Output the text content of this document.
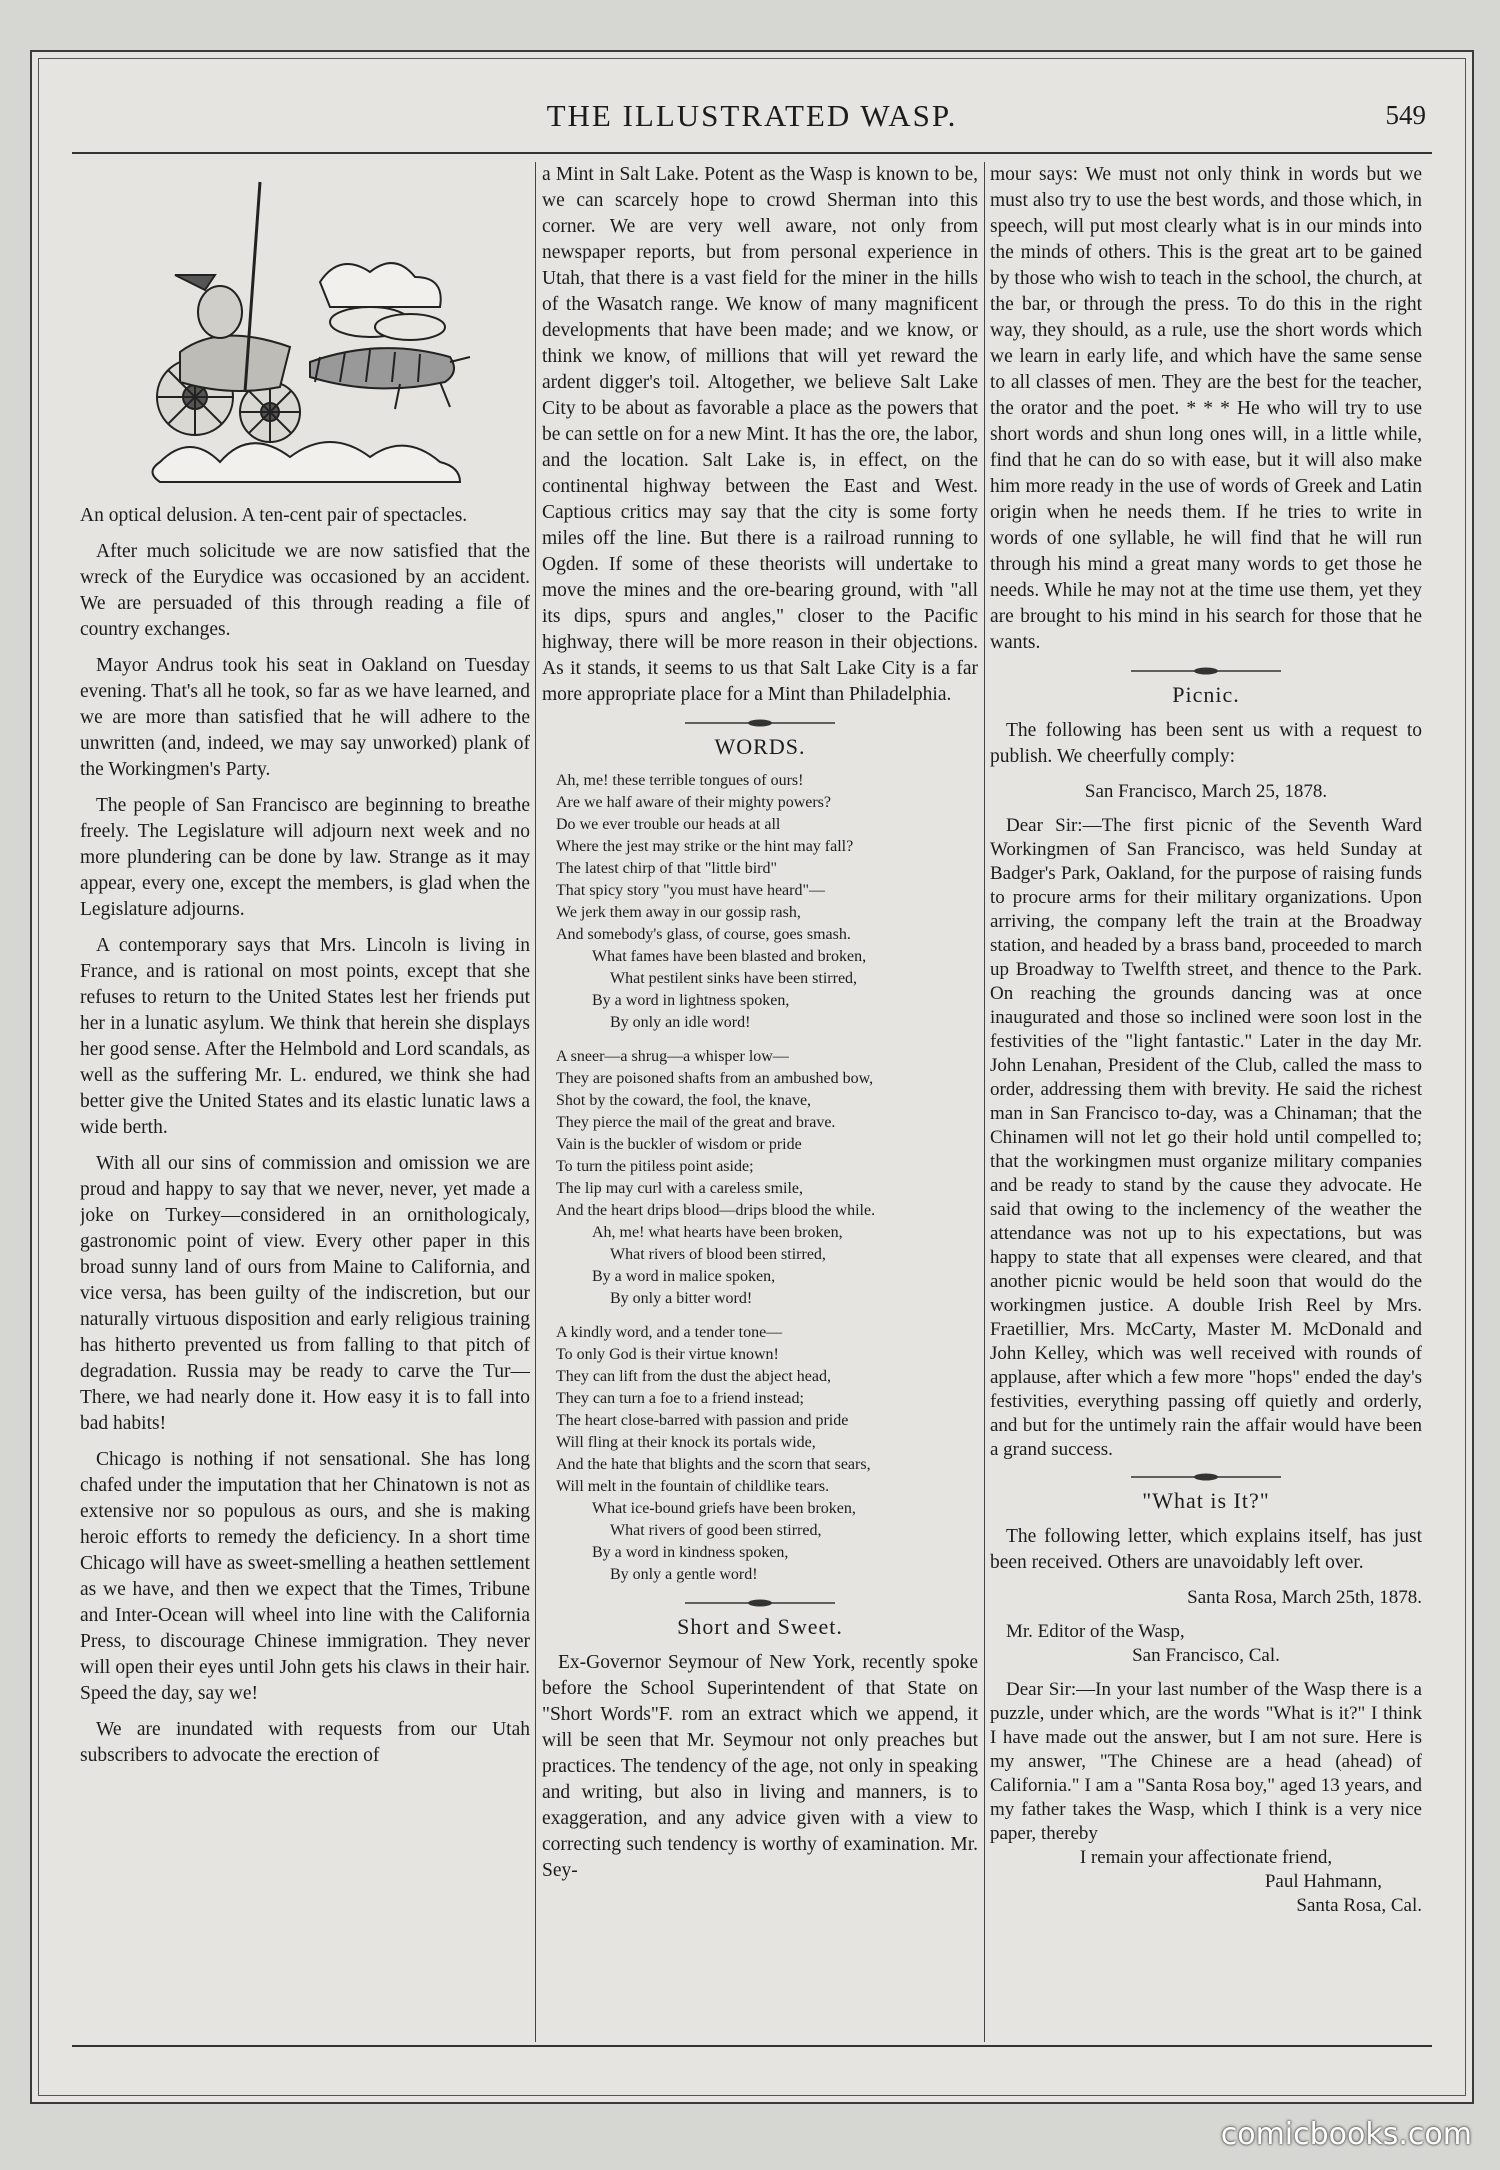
THE ILLUSTRATED WASP.	549

An optical delusion. A ten-cent pair of spectacles.

After much solicitude we are now satisfied that the wreck of the Eurydice was occasioned by an accident. We are persuaded of this through reading a file of country exchanges.

Mayor Andrus took his seat in Oakland on Tuesday evening. That's all he took, so far as we have learned, and we are more than satisfied that he will adhere to the unwritten (and, indeed, we may say unworked) plank of the Workingmen's Party.

The people of San Francisco are beginning to breathe freely. The Legislature will adjourn next week and no more plundering can be done by law. Strange as it may appear, every one, except the members, is glad when the Legislature adjourns.

A contemporary says that Mrs. Lincoln is living in France, and is rational on most points, except that she refuses to return to the United States lest her friends put her in a lunatic asylum. We think that herein she displays her good sense. After the Helmbold and Lord scandals, as well as the suffering Mr. L. endured, we think she had better give the United States and its elastic lunatic laws a wide berth.

With all our sins of commission and omission we are proud and happy to say that we never, never, yet made a joke on Turkey—considered in an ornithologicaly, gastronomic point of view. Every other paper in this broad sunny land of ours from Maine to California, and vice versa, has been guilty of the indiscretion, but our naturally virtuous disposition and early religious training has hitherto prevented us from falling to that pitch of degradation. Russia may be ready to carve the Tur—There, we had nearly done it. How easy it is to fall into bad habits!

Chicago is nothing if not sensational. She has long chafed under the imputation that her Chinatown is not as extensive nor so populous as ours, and she is making heroic efforts to remedy the deficiency. In a short time Chicago will have as sweet-smelling a heathen settlement as we have, and then we expect that the Times, Tribune and Inter-Ocean will wheel into line with the California Press, to discourage Chinese immigration. They never will open their eyes until John gets his claws in their hair. Speed the day, say we!

We are inundated with requests from our Utah subscribers to advocate the erection of

a Mint in Salt Lake. Potent as the Wasp is known to be, we can scarcely hope to crowd Sherman into this corner. We are very well aware, not only from newspaper reports, but from personal experience in Utah, that there is a vast field for the miner in the hills of the Wasatch range. We know of many magnificent developments that have been made; and we know, or think we know, of millions that will yet reward the ardent digger's toil. Altogether, we believe Salt Lake City to be about as favorable a place as the powers that be can settle on for a new Mint. It has the ore, the labor, and the location. Salt Lake is, in effect, on the continental highway between the East and West. Captious critics may say that the city is some forty miles off the line. But there is a railroad running to Ogden. If some of these theorists will undertake to move the mines and the ore-bearing ground, with "all its dips, spurs and angles," closer to the Pacific highway, there will be more reason in their objections. As it stands, it seems to us that Salt Lake City is a far more appropriate place for a Mint than Philadelphia.

WORDS.
Ah, me! these terrible tongues of ours!
Are we half aware of their mighty powers?
Do we ever trouble our heads at all
Where the jest may strike or the hint may fall?
The latest chirp of that "little bird"
That spicy story "you must have heard"—
We jerk them away in our gossip rash,
And somebody's glass, of course, goes smash.
What fames have been blasted and broken,
What pestilent sinks have been stirred,
By a word in lightness spoken,
By only an idle word!
A sneer—a shrug—a whisper low—
They are poisoned shafts from an ambushed bow,
Shot by the coward, the fool, the knave,
They pierce the mail of the great and brave.
Vain is the buckler of wisdom or pride
To turn the pitiless point aside;
The lip may curl with a careless smile,
And the heart drips blood—drips blood the while.
Ah, me! what hearts have been broken,
What rivers of blood been stirred,
By a word in malice spoken,
By only a bitter word!
A kindly word, and a tender tone—
To only God is their virtue known!
They can lift from the dust the abject head,
They can turn a foe to a friend instead;
The heart close-barred with passion and pride
Will fling at their knock its portals wide,
And the hate that blights and the scorn that sears,
Will melt in the fountain of childlike tears.
What ice-bound griefs have been broken,
What rivers of good been stirred,
By a word in kindness spoken,
By only a gentle word!
Short and Sweet.

Ex-Governor Seymour of New York, recently spoke before the School Superintendent of that State on "Short Words"F. rom an extract which we append, it will be seen that Mr. Seymour not only preaches but practices. The tendency of the age, not only in speaking and writing, but also in living and manners, is to exaggeration, and any advice given with a view to correcting such tendency is worthy of examination. Mr. Sey-

mour says: We must not only think in words but we must also try to use the best words, and those which, in speech, will put most clearly what is in our minds into the minds of others. This is the great art to be gained by those who wish to teach in the school, the church, at the bar, or through the press. To do this in the right way, they should, as a rule, use the short words which we learn in early life, and which have the same sense to all classes of men. They are the best for the teacher, the orator and the poet. * * * He who will try to use short words and shun long ones will, in a little while, find that he can do so with ease, but it will also make him more ready in the use of words of Greek and Latin origin when he needs them. If he tries to write in words of one syllable, he will find that he will run through his mind a great many words to get those he needs. While he may not at the time use them, yet they are brought to his mind in his search for those that he wants.

Picnic.

The following has been sent us with a request to publish. We cheerfully comply:

San Francisco, March 25, 1878.

Dear Sir:—The first picnic of the Seventh Ward Workingmen of San Francisco, was held Sunday at Badger's Park, Oakland, for the purpose of raising funds to procure arms for their military organizations. Upon arriving, the company left the train at the Broadway station, and headed by a brass band, proceeded to march up Broadway to Twelfth street, and thence to the Park. On reaching the grounds dancing was at once inaugurated and those so inclined were soon lost in the festivities of the "light fantastic." Later in the day Mr. John Lenahan, President of the Club, called the mass to order, addressing them with brevity. He said the richest man in San Francisco to-day, was a Chinaman; that the Chinamen will not let go their hold until compelled to; that the workingmen must organize military companies and be ready to stand by the cause they advocate. He said that owing to the inclemency of the weather the attendance was not up to his expectations, but was happy to state that all expenses were cleared, and that another picnic would be held soon that would do the workingmen justice. A double Irish Reel by Mrs. Fraetillier, Mrs. McCarty, Master M. McDonald and John Kelley, which was well received with rounds of applause, after which a few more "hops" ended the day's festivities, everything passing off quietly and orderly, and but for the untimely rain the affair would have been a grand success.

"What is It?"

The following letter, which explains itself, has just been received. Others are unavoidably left over.

Santa Rosa, March 25th, 1878.

Mr. Editor of the Wasp,

San Francisco, Cal.

Dear Sir:—In your last number of the Wasp there is a puzzle, under which, are the words "What is it?" I think I have made out the answer, but I am not sure. Here is my answer, "The Chinese are a head (ahead) of California." I am a "Santa Rosa boy," aged 13 years, and my father takes the Wasp, which I think is a very nice paper, thereby

I remain your affectionate friend,

Paul Hahmann,

Santa Rosa, Cal.

comicbooks.com
